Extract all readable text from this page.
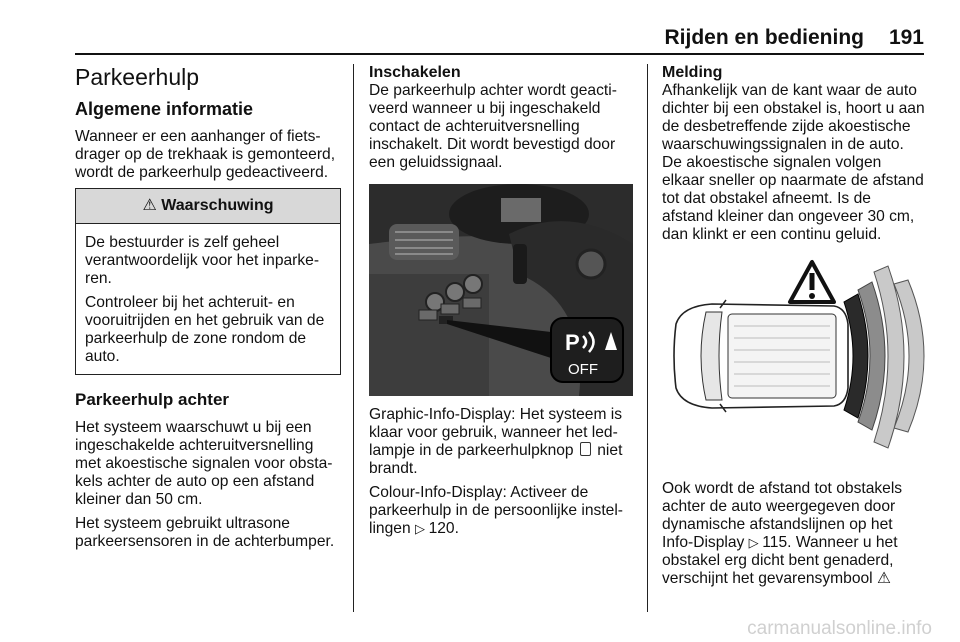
Rijden en bediening 191
Parkeerhulp
Algemene informatie

Wanneer er een aanhanger of fietsdrager op de trekhaak is gemonteerd, wordt de parkeerhulp gedeactiveerd.

⚠ Waarschuwing

De bestuurder is zelf geheel verantwoordelijk voor het inparkeren.

Controleer bij het achteruit- en vooruitrijden en het gebruik van de parkeerhulp de zone rondom de auto.

Parkeerhulp achter

Het systeem waarschuwt u bij een ingeschakelde achteruitversnelling met akoestische signalen voor obstakels achter de auto op een afstand kleiner dan 50 cm.

Het systeem gebruikt ultrasone parkeersensoren in de achterbumper.

Inschakelen

De parkeerhulp achter wordt geactiveerd wanneer u bij ingeschakeld contact de achteruitversnelling inschakelt. Dit wordt bevestigd door een geluidssignaal.

P
OFF

Graphic-Info-Display: Het systeem is klaar voor gebruik, wanneer het ledlampje in de parkeerhulpknop  niet brandt.

Colour-Info-Display: Activeer de parkeerhulp in de persoonlijke instellingen ▷ 120.

Melding

Afhankelijk van de kant waar de auto dichter bij een obstakel is, hoort u aan de desbetreffende zijde akoestische waarschuwingssignalen in de auto. De akoestische signalen volgen elkaar sneller op naarmate de afstand tot dat obstakel afneemt. Is de afstand kleiner dan ongeveer 30 cm, dan klinkt er een continu geluid.

Ook wordt de afstand tot obstakels achter de auto weergegeven door dynamische afstandslijnen op het Info-Display ▷ 115. Wanneer u het obstakel erg dicht bent genaderd, verschijnt het gevarensymbool ⚠

carmanualsonline.info
